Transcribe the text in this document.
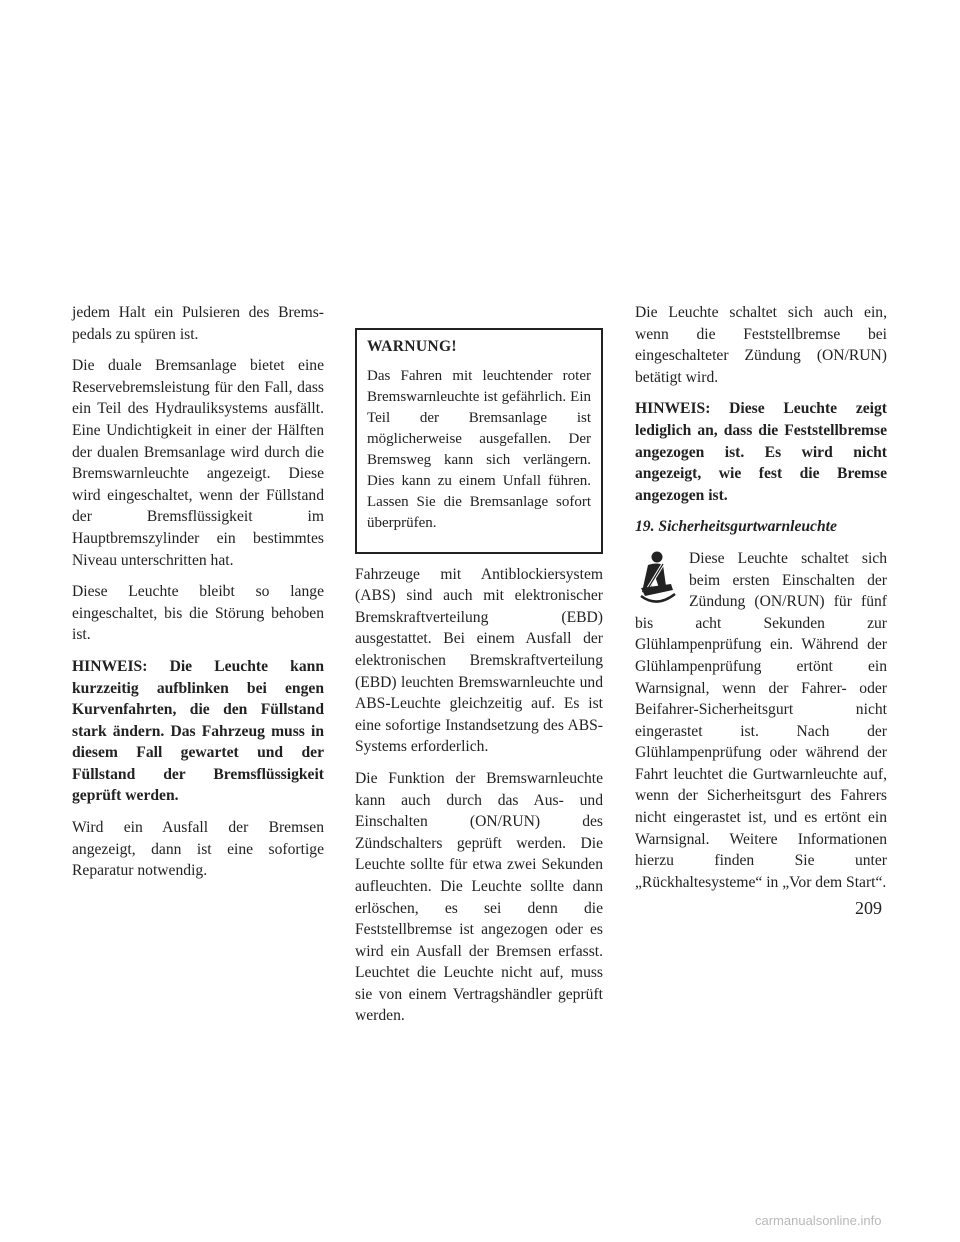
jedem Halt ein Pulsieren des Bremspedals zu spüren ist.

Die duale Bremsanlage bietet eine Reservebremsleistung für den Fall, dass ein Teil des Hydrauliksystems ausfällt. Eine Undichtigkeit in einer der Hälften der dualen Bremsanlage wird durch die Bremswarnleuchte angezeigt. Diese wird eingeschaltet, wenn der Füllstand der Bremsflüssigkeit im Hauptbremszylinder ein bestimmtes Niveau unterschritten hat.

Diese Leuchte bleibt so lange eingeschaltet, bis die Störung behoben ist.

HINWEIS: Die Leuchte kann kurzzeitig aufblinken bei engen Kurvenfahrten, die den Füllstand stark ändern. Das Fahrzeug muss in diesem Fall gewartet und der Füllstand der Bremsflüssigkeit geprüft werden.

Wird ein Ausfall der Bremsen angezeigt, dann ist eine sofortige Reparatur notwendig.

WARNUNG!

Das Fahren mit leuchtender roter Bremswarnleuchte ist gefährlich. Ein Teil der Bremsanlage ist möglicherweise ausgefallen. Der Bremsweg kann sich verlängern. Dies kann zu einem Unfall führen. Lassen Sie die Bremsanlage sofort überprüfen.

Fahrzeuge mit Antiblockiersystem (ABS) sind auch mit elektronischer Bremskraftverteilung (EBD) ausgestattet. Bei einem Ausfall der elektronischen Bremskraftverteilung (EBD) leuchten Bremswarnleuchte und ABS-Leuchte gleichzeitig auf. Es ist eine sofortige Instandsetzung des ABS-Systems erforderlich.

Die Funktion der Bremswarnleuchte kann auch durch das Aus- und Einschalten (ON/RUN) des Zündschalters geprüft werden. Die Leuchte sollte für etwa zwei Sekunden aufleuchten. Die Leuchte sollte dann erlöschen, es sei denn die Feststellbremse ist angezogen oder es wird ein Ausfall der Bremsen erfasst. Leuchtet die Leuchte nicht auf, muss sie von einem Vertragshändler geprüft werden.

Die Leuchte schaltet sich auch ein, wenn die Feststellbremse bei eingeschalteter Zündung (ON/RUN) betätigt wird.

HINWEIS: Diese Leuchte zeigt lediglich an, dass die Feststellbremse angezogen ist. Es wird nicht angezeigt, wie fest die Bremse angezogen ist.

19. Sicherheitsgurtwarnleuchte

Diese Leuchte schaltet sich beim ersten Einschalten der Zündung (ON/RUN) für fünf bis acht Sekunden zur Glühlampenprüfung ein. Während der Glühlampenprüfung ertönt ein Warnsignal, wenn der Fahrer- oder Beifahrer-Sicherheitsgurt nicht eingerastet ist. Nach der Glühlampenprüfung oder während der Fahrt leuchtet die Gurtwarnleuchte auf, wenn der Sicherheitsgurt des Fahrers nicht eingerastet ist, und es ertönt ein Warnsignal. Weitere Informationen hierzu finden Sie unter „Rückhaltesysteme“ in „Vor dem Start“.
209
carmanualsonline.info
